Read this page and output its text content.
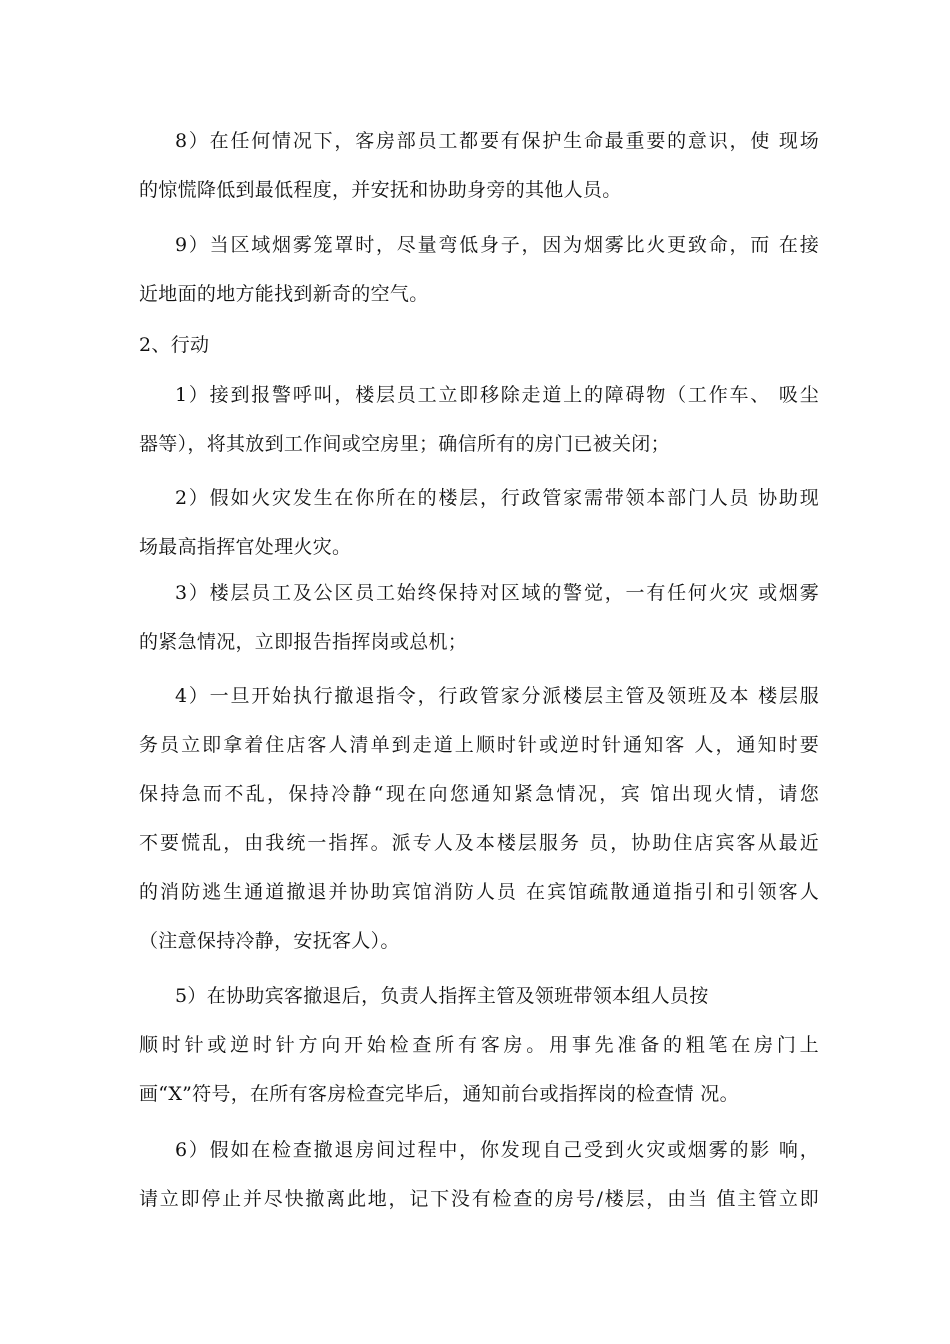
8）在任何情况下，客房部员工都要有保护生命最重要的意识，使 现场
的惊慌降低到最低程度，并安抚和协助身旁的其他人员。
9）当区域烟雾笼罩时，尽量弯低身子，因为烟雾比火更致命，而 在接
近地面的地方能找到新奇的空气。
2、行动
1）接到报警呼叫，楼层员工立即移除走道上的障碍物（工作车、 吸尘
器等），将其放到工作间或空房里；确信所有的房门已被关闭；
2）假如火灾发生在你所在的楼层，行政管家需带领本部门人员 协助现
场最高指挥官处理火灾。
3）楼层员工及公区员工始终保持对区域的警觉，一有任何火灾 或烟雾
的紧急情况，立即报告指挥岗或总机；
4）一旦开始执行撤退指令，行政管家分派楼层主管及领班及本 楼层服
务员立即拿着住店客人清单到走道上顺时针或逆时针通知客 人，通知时要
保持急而不乱，保持冷静“现在向您通知紧急情况，宾 馆出现火情，请您
不要慌乱，由我统一指挥。派专人及本楼层服务 员，协助住店宾客从最近
的消防逃生通道撤退并协助宾馆消防人员 在宾馆疏散通道指引和引领客人
（注意保持冷静，安抚客人）。
5）在协助宾客撤退后，负责人指挥主管及领班带领本组人员按
顺时针或逆时针方向开始检查所有客房。用事先准备的粗笔在房门上
画“X”符号，在所有客房检查完毕后，通知前台或指挥岗的检查情 况。
6）假如在检查撤退房间过程中，你发现自己受到火灾或烟雾的影 响，
请立即停止并尽快撤离此地，记下没有检查的房号/楼层，由当 值主管立即
